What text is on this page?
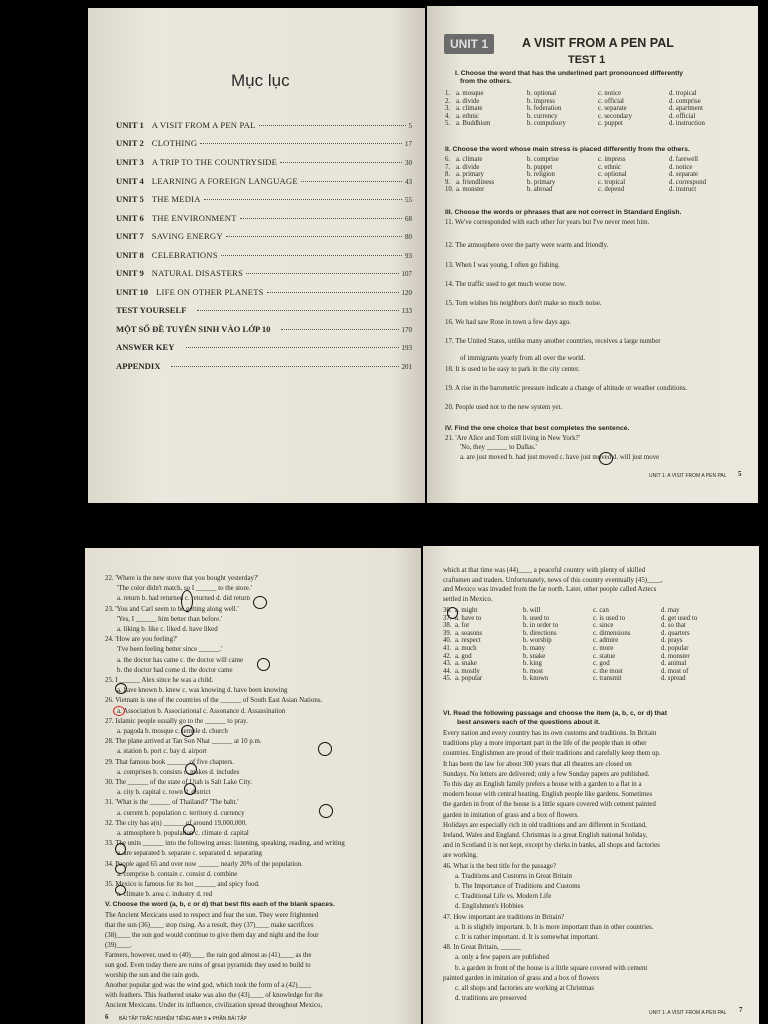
Mục lục
UNIT 1 A VISIT FROM A PEN PAL	5
UNIT 2 CLOTHING	17
UNIT 3 A TRIP TO THE COUNTRYSIDE	30
UNIT 4 LEARNING A FOREIGN LANGUAGE	43
UNIT 5 THE MEDIA	55
UNIT 6 THE ENVIRONMENT	68
UNIT 7 SAVING ENERGY	80
UNIT 8 CELEBRATIONS	93
UNIT 9 NATURAL DISASTERS	107
UNIT 10 LIFE ON OTHER PLANETS	120
TEST YOURSELF	133
MỘT SỐ ĐỀ TUYỂN SINH VÀO LỚP 10	170
ANSWER KEY	193
APPENDIX	201
UNIT 1	A VISIT FROM A PEN PAL
TEST 1
I. Choose the word that has the underlined part pronounced differently
from the others.
1. a. mosque	b. optional	c. notice	d. tropical
2. a. divide	b. impress	c. official	d. comprise
3. a. climate	b. federation	c. separate	d. apartment
4. a. ethnic	b. currency	c. secondary	d. official
5. a. Buddhism	b. compulsory	c. puppet	d. instruction
II. Choose the word whose main stress is placed differently from the others.
6. a. climate	b. comprise	c. impress	d. farewell
7. a. divide	b. puppet	c. ethnic	d. notice
8. a. primary	b. religion	c. optional	d. separate
9. a. friendliness	b. primary	c. tropical	d. correspond
10. a. monster	b. abroad	c. depend	d. instruct
III. Choose the words or phrases that are not correct in Standard English.
11. We've corresponded with each other for years but I've never meet him.
12. The atmosphere over the party were warm and friendly.
13. When I was young, I often go fishing.
14. The traffic used to get much worse now.
15. Tom wishes his neighbors don't make so much noise.
16. We had saw Rose in town a few days ago.
17. The United States, unlike many another countries, receives a large number
of immigrants yearly from all over the world.
18. It is used to be easy to park in the city center.
19. A rise in the barometric pressure indicate a change of altitude or weather conditions.
20. People used not to the new system yet.
IV. Find the one choice that best completes the sentence.
21. 'Are Alice and Tom still living in New York?'
'No, they ______ to Dallas.'
a. are just moved b. had just moved c. have just moved d. will just move
UNIT 1: A VISIT FROM A PEN PAL 5
22. 'Where is the new stove that you bought yesterday?'
'The color didn't match, so I ______ to the store.'
a. return b. had returned c. returned d. did return
23. 'You and Carl seem to be getting along well.'
'Yes, I ______ him better than before.'
a. liking b. like c. liked d. have liked
24. 'How are you feeling?'
'I've been feeling better since ______.'
a. the doctor has came c. the doctor will came
b. the doctor had come d. the doctor came
25. I ______ Alex since he was a child.
a. have known b. knew c. was knowing d. have been knowing
26. Vietnam is one of the countries of the ______ of South East Asian Nations.
a. Association b. Associational c. Assonance d. Assassination
27. Islamic people usually go to the ______ to pray.
a. pagoda b. mosque c. temple d. church
28. The plane arrived at Tan Son Nhat ______ at 10 p.m.
a. station b. port c. bay d. airport
29. That famous book ______ of five chapters.
a. comprises b. consists c. makes d. includes
30. The ______ of the state of Utah is Salt Lake City.
a. city b. capital c. town d. district
31. 'What is the ______ of Thailand?' 'The baht.'
a. current b. population c. territory d. currency
32. The city has a(n) ______ of around 19,000,000.
a. atmosphere b. population c. climate d. capital
33. The units ______ into the following areas: listening, speaking, reading, and writing
a. are separated b. separate c. separated d. separating
34. People aged 65 and over now ______ nearly 20% of the population.
a. comprise b. contain c. consist d. combine
35. Mexico is famous for its hot ______ and spicy food.
a. climate b. area c. industry d. red
V. Choose the word (a, b, c or d) that best fits each of the blank spaces.
The Ancient Mexicans used to respect and fear the sun. They were frightened
that the sun (36)____ stop rising. As a result, they (37)____ make sacrifices
(38)____ the sun god would continue to give them day and night and the four
(39)____.
Farmers, however, used to (40)____ the rain god almost as (41)____ as the
sun god. Even today there are ruins of great pyramids they used to build to
worship the sun and the rain gods.
Another popular god was the wind god, which took the form of a (42)____
with feathers. This feathered snake was also the (43)____ of knowledge for the
Ancient Mexicans. Under its influence, civilization spread throughout Mexico,
6 BÀI TẬP TRẮC NGHIỆM TIẾNG ANH 9 ● PHẦN BÀI TẬP
which at that time was (44)____ a peaceful country with plenty of skilled
craftsmen and traders. Unfortunately, news of this country eventually (45)____,
and Mexico was invaded from the far north. Later, other people called Aztecs
settled in Mexico.
36. a. might	b. will	c. can	d. may
37. a. have to	b. used to	c. is used to	d. get used to
38. a. for	b. in order to	c. since	d. so that
39. a. seasons	b. directions	c. dimensions	d. quarters
40. a. respect	b. worship	c. admire	d. prays
41. a. much	b. many	c. more	d. popular
42. a. god	b. snake	c. statue	d. monster
43. a. snake	b. king	c. god	d. animal
44. a. mostly	b. most	c. the most	d. most of
45. a. popular	b. known	c. transmit	d. spread
VI. Read the following passage and choose the item (a, b, c, or d) that
best answers each of the questions about it.
Every nation and every country has its own customs and traditions. In Britain
traditions play a more important part in the life of the people than in other
countries. Englishmen are proud of their traditions and carefully keep them up.
It has been the law for about 300 years that all theatres are closed on
Sundays. No letters are delivered; only a few Sunday papers are published.
To this day an English family prefers a house with a garden to a flat in a
modern house with central heating. English people like gardens. Sometimes
the garden in front of the house is a little square covered with cement painted
garden in imitation of grass and a box of flowers.
Holidays are especially rich in old traditions and are different in Scotland,
Ireland, Wales and England. Christmas is a great English national holiday,
and in Scotland it is not kept, except by clerks in banks, all shops and factories
are working.
46. What is the best title for the passage?
a. Traditions and Customs in Great Britain
b. The Importance of Traditions and Customs
c. Traditional Life vs. Modern Life
d. Englishmen's Hobbies
47. How important are traditions in Britain?
a. It is slightly important. b. It is more important than in other countries.
c. It is rather important. d. It is somewhat important.
48. In Great Britain, ______
a. only a few papers are published
b. a garden in front of the house is a little square covered with cement
painted garden in imitation of grass and a box of flowers
c. all shops and factories are working at Christmas
d. traditions are preserved
UNIT 1: A VISIT FROM A PEN PAL 7
